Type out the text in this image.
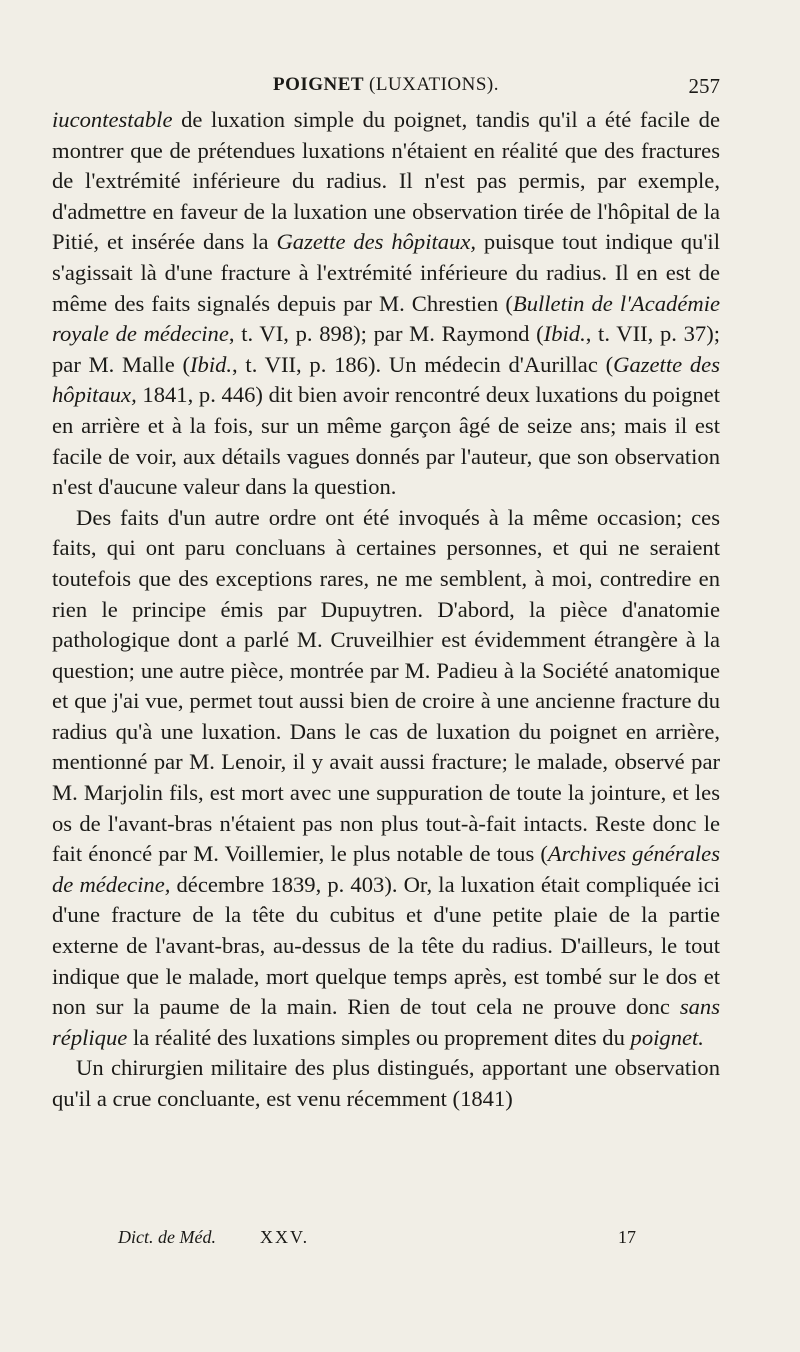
POIGNET (LUXATIONS).	257

iucontestable de luxation simple du poignet, tandis qu'il a été facile de montrer que de prétendues luxations n'étaient en réalité que des fractures de l'extrémité inférieure du radius. Il n'est pas permis, par exemple, d'admettre en faveur de la luxation une observation tirée de l'hôpital de la Pitié, et insérée dans la Gazette des hôpitaux, puisque tout indique qu'il s'agissait là d'une fracture à l'extrémité inférieure du radius. Il en est de même des faits signalés depuis par M. Chrestien (Bulletin de l'Académie royale de médecine, t. VI, p. 898); par M. Raymond (Ibid., t. VII, p. 37); par M. Malle (Ibid., t. VII, p. 186). Un médecin d'Aurillac (Gazette des hôpitaux, 1841, p. 446) dit bien avoir rencontré deux luxations du poignet en arrière et à la fois, sur un même garçon âgé de seize ans; mais il est facile de voir, aux détails vagues donnés par l'auteur, que son observation n'est d'aucune valeur dans la question.

Des faits d'un autre ordre ont été invoqués à la même occasion; ces faits, qui ont paru concluans à certaines personnes, et qui ne seraient toutefois que des exceptions rares, ne me semblent, à moi, contredire en rien le principe émis par Dupuytren. D'abord, la pièce d'anatomie pathologique dont a parlé M. Cruveilhier est évidemment étrangère à la question; une autre pièce, montrée par M. Padieu à la Société anatomique et que j'ai vue, permet tout aussi bien de croire à une ancienne fracture du radius qu'à une luxation. Dans le cas de luxation du poignet en arrière, mentionné par M. Lenoir, il y avait aussi fracture; le malade, observé par M. Marjolin fils, est mort avec une suppuration de toute la jointure, et les os de l'avant-bras n'étaient pas non plus tout-à-fait intacts. Reste donc le fait énoncé par M. Voillemier, le plus notable de tous (Archives générales de médecine, décembre 1839, p. 403). Or, la luxation était compliquée ici d'une fracture de la tête du cubitus et d'une petite plaie de la partie externe de l'avant-bras, au-dessus de la tête du radius. D'ailleurs, le tout indique que le malade, mort quelque temps après, est tombé sur le dos et non sur la paume de la main. Rien de tout cela ne prouve donc sans réplique la réalité des luxations simples ou proprement dites du poignet.

Un chirurgien militaire des plus distingués, apportant une observation qu'il a crue concluante, est venu récemment (1841)

Dict. de Méd. XXV.	17
